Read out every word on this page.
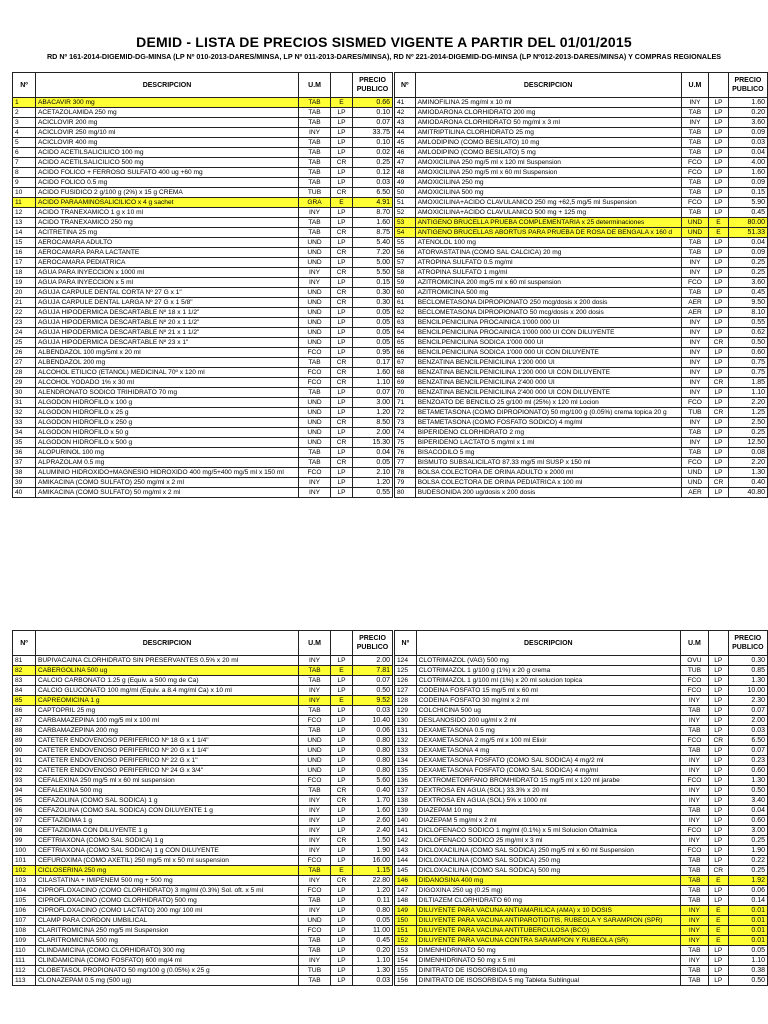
DEMID - LISTA DE PRECIOS SISMED VIGENTE A PARTIR DEL 01/01/2015
RD Nº 161-2014-DIGEMID-DG-MINSA (LP Nº 010-2013-DARES/MINSA, LP Nº 011-2013-DARES/MINSA), RD Nº 221-2014-DIGEMID-DG-MINSA (LP Nº012-2013-DARES/MINSA) Y COMPRAS REGIONALES
Nº	DESCRIPCION	U.M		PRECIO
PUBLICO
1	ABACAVIR 300 mg	TAB	E	0.66
2	ACETAZOLAMIDA 250 mg	TAB	LP	0.10
3	ACICLOVIR 200 mg	TAB	LP	0.07
4	ACICLOVIR 250 mg/10 ml	INY	LP	33.75
5	ACICLOVIR 400 mg	TAB	LP	0.10
6	ACIDO ACETILSALICILICO 100 mg	TAB	LP	0.02
7	ACIDO ACETILSALICILICO 500 mg	TAB	CR	0.25
8	ACIDO FOLICO + FERROSO SULFATO 400 ug +60 mg	TAB	LP	0.12
9	ACIDO FOLICO 0.5 mg	TAB	LP	0.03
10	ACIDO FUSIDICO 2 g/100 g (2%) x 15 g CREMA	TUB	CR	6.50
11	ACIDO PARAAMINOSALICILICO x 4 g sachet	GRA	E	4.91
12	ACIDO TRANEXAMICO 1 g x 10 ml	INY	LP	8.70
13	ACIDO TRANEXAMICO 250 mg	TAB	LP	1.60
14	ACITRETINA 25 mg	TAB	CR	8.75
15	AEROCAMARA ADULTO	UND	LP	5.40
16	AEROCAMARA PARA LACTANTE	UND	CR	7.20
17	AEROCAMARA PEDIATRICA	UND	LP	5.00
18	AGUA PARA INYECCION x 1000 ml	INY	CR	5.50
19	AGUA PARA INYECCION x 5 ml	INY	LP	0.15
20	AGUJA CARPULE DENTAL CORTA Nº 27 G x 1"	UND	CR	0.30
21	AGUJA CARPULE DENTAL LARGA Nº 27 G x 1 5/8"	UND	CR	0.30
22	AGUJA HIPODERMICA DESCARTABLE Nº 18 x 1 1/2"	UND	LP	0.05
23	AGUJA HIPODERMICA DESCARTABLE Nº 20 x 1 1/2"	UND	LP	0.05
24	AGUJA HIPODERMICA DESCARTABLE Nº 21 x 1 1/2"	UND	LP	0.05
25	AGUJA HIPODERMICA DESCARTABLE Nº 23 x 1"	UND	LP	0.05
26	ALBENDAZOL 100 mg/5ml x 20 ml	FCO	LP	0.95
27	ALBENDAZOL 200 mg	TAB	CR	0.17
28	ALCOHOL ETILICO (ETANOL) MEDICINAL 70º x 120 ml	FCO	CR	1.60
29	ALCOHOL YODADO 1% x 30 ml	FCO	CR	1.10
30	ALENDRONATO SODICO TRIHIDRATO 70 mg	TAB	LP	0.07
31	ALGODON HIDROFILO x 100 g	UND	LP	3.00
32	ALGODON HIDROFILO x 25 g	UND	LP	1.20
33	ALGODON HIDROFILO x 250 g	UND	CR	8.50
34	ALGODON HIDROFILO x 50 g	UND	LP	2.00
35	ALGODON HIDROFILO x 500 g	UND	CR	15.30
36	ALOPURINOL 100 mg	TAB	LP	0.04
37	ALPRAZOLAM 0.5 mg	TAB	CR	0.05
38	ALUMINIO HIDROXIDO+MAGNESIO HIDROXIDO 400 mg/5+400 mg/5 ml x 150 ml	FCO	LP	2.10
39	AMIKACINA (COMO SULFATO) 250 mg/ml x 2 ml	INY	LP	1.20
40	AMIKACINA (COMO SULFATO) 50 mg/ml x 2 ml	INY	LP	0.55
Nº	DESCRIPCION	U.M		PRECIO
PUBLICO
41	AMINOFILINA 25 mg/ml x 10 ml	INY	LP	1.60
42	AMIODARONA CLORHIDRATO 200 mg	TAB	LP	0.20
43	AMIODARONA CLORHIDRATO 50 mg/ml x 3 ml	INY	LP	3.60
44	AMITRIPTILINA CLORHIDRATO 25 mg	TAB	LP	0.09
45	AMLODIPINO (COMO BESILATO) 10 mg	TAB	LP	0.03
46	AMLODIPINO (COMO BESILATO) 5 mg	TAB	LP	0.04
47	AMOXICILINA 250 mg/5 ml x 120 ml Suspension	FCO	LP	4.00
48	AMOXICILINA 250 mg/5 ml x 60 ml Suspension	FCO	LP	1.60
49	AMOXICILINA 250 mg	TAB	LP	0.09
50	AMOXICILINA 500 mg	TAB	LP	0.15
51	AMOXICILINA+ACIDO CLAVULANICO 250 mg +62,5 mg/5 ml Suspension	FCO	LP	5.90
52	AMOXICILINA+ACIDO CLAVULANICO 500 mg + 125 mg	TAB	LP	0.45
53	ANTIGENO BRUCELLA PRUEBA COMPLEMENTARIA x 25 determinaciones	UND	E	80.00
54	ANTIGENO BRUCELLAS ABORTUS PARA PRUEBA DE ROSA DE BENGALA x 160 d	UND	E	51.33
55	ATENOLOL 100 mg	TAB	LP	0.04
56	ATORVASTATINA (COMO SAL CALCICA) 20 mg	TAB	LP	0.09
57	ATROPINA SULFATO 0.5 mg/ml	INY	LP	0.25
58	ATROPINA SULFATO 1 mg/ml	INY	LP	0.25
59	AZITROMICINA 200 mg/5 ml x 60 ml suspension	FCO	LP	3.60
60	AZITROMICINA 500 mg	TAB	LP	0.45
61	BECLOMETASONA DIPROPIONATO 250 mcg/dosis x 200 dosis	AER	LP	9.50
62	BECLOMETASONA DIPROPIONATO 50 mcg/dosis x 200 dosis	AER	LP	8.10
63	BENCILPENICILINA PROCAINICA 1'000 000 UI	INY	LP	0.55
64	BENCILPENICILINA PROCAINICA 1'000 000 UI CON DILUYENTE	INY	LP	0.62
65	BENCILPENICILINA SODICA 1'000 000 UI	INY	CR	0.50
66	BENCILPENICILINA SODICA 1'000 000 UI CON DILUYENTE	INY	LP	0.60
67	BENZATINA BENCILPENICILINA 1'200 000 UI	INY	LP	0.75
68	BENZATINA BENCILPENICILINA 1'200 000 UI CON DILUYENTE	INY	LP	0.75
69	BENZATINA BENCILPENICILINA 2'400 000 UI	INY	CR	1.85
70	BENZATINA BENCILPENICILINA 2'400 000 UI CON DILUYENTE	INY	LP	1.10
71	BENZOATO DE BENCILO 25 g/100 ml (25%) x 120 ml Locion	FCO	LP	2.20
72	BETAMETASONA (COMO DIPROPIONATO) 50 mg/100 g (0.05%) crema topica 20 g	TUB	CR	1.25
73	BETAMETASONA (COMO FOSFATO SODICO) 4 mg/ml	INY	LP	2.50
74	BIPERIDENO CLORHIDRATO 2 mg	TAB	LP	0.25
75	BIPERIDENO LACTATO 5 mg/ml x 1 ml	INY	LP	12.50
76	BISACODILO 5 mg	TAB	LP	0.08
77	BISMUTO SUBSALICILATO 87.33 mg/5 ml SUSP x 150 ml	FCO	LP	2.20
78	BOLSA COLECTORA DE ORINA ADULTO x 2000 ml	UND	LP	1.30
79	BOLSA COLECTORA DE ORINA PEDIATRICA x 100 ml	UND	CR	0.40
80	BUDESONIDA 200 ug/dosis x 200 dosis	AER	LP	40.80
Nº	DESCRIPCION	U.M		PRECIO
PUBLICO
81	BUPIVACAINA CLORHIDRATO SIN PRESERVANTES 0.5% x 20 ml	INY	LP	2.00
82	CABERGOLINA 500 ug	TAB	E	7.81
83	CALCIO CARBONATO 1.25 g (Equiv. a 500 mg de Ca)	TAB	LP	0.07
84	CALCIO GLUCONATO 100 mg/ml (Equiv. a 8.4 mg/ml Ca) x 10 ml	INY	LP	0.50
85	CAPREOMICINA 1 g	INY	E	9.52
86	CAPTOPRIL 25 mg	TAB	LP	0.03
87	CARBAMAZEPINA 100 mg/5 ml x 100 ml	FCO	LP	10.40
88	CARBAMAZEPINA 200 mg	TAB	LP	0.06
89	CATETER ENDOVENOSO PERIFERICO Nº 18 G x 1 1/4"	UND	LP	0.80
90	CATETER ENDOVENOSO PERIFERICO Nº 20 G x 1 1/4"	UND	LP	0.80
91	CATETER ENDOVENOSO PERIFERICO Nº 22 G x 1"	UND	LP	0.80
92	CATETER ENDOVENOSO PERIFERICO Nº 24 G x 3/4"	UND	LP	0.80
93	CEFALEXINA 250 mg/5 ml x 60 ml suspension	FCO	LP	5.60
94	CEFALEXINA 500 mg	TAB	CR	0.40
95	CEFAZOLINA (COMO SAL SODICA) 1 g	INY	CR	1.70
96	CEFAZOLINA (COMO SAL SODICA) CON DILUYENTE 1 g	INY	LP	1.60
97	CEFTAZIDIMA 1 g	INY	LP	2.60
98	CEFTAZIDIMA CON DILUYENTE 1 g	INY	LP	2.40
99	CEFTRIAXONA (COMO SAL SODICA) 1 g	INY	CR	1.50
100	CEFTRIAXONA (COMO SAL SODICA) 1 g CON DILUYENTE	INY	LP	1.90
101	CEFUROXIMA (COMO AXETIL) 250 mg/5 ml x 50 ml suspension	FCO	LP	16.00
102	CICLOSERINA 250 mg	TAB	E	1.15
103	CILASTATINA + IMIPENEM 500 mg + 500 mg	INY	CR	22.80
104	CIPROFLOXACINO (COMO CLORHIDRATO) 3 mg/ml (0.3%) Sol. oft. x 5 ml	FCO	LP	1.20
105	CIPROFLOXACINO (COMO CLORHIDRATO) 500 mg	TAB	LP	0.11
106	CIPROFLOXACINO (COMO LACTATO) 200 mg/ 100 ml	INY	LP	0.80
107	CLAMP PARA CORDON UMBILICAL	UND	LP	0.05
108	CLARITROMICINA 250 mg/5 ml Suspension	FCO	LP	11.00
109	CLARITROMICINA 500 mg	TAB	LP	0.45
110	CLINDAMICINA (COMO CLORHIDRATO) 300 mg	TAB	LP	0.20
111	CLINDAMICINA (COMO FOSFATO) 600 mg/4 ml	INY	LP	1.10
112	CLOBETASOL PROPIONATO 50 mg/100 g (0.05%) x 25 g	TUB	LP	1.30
113	CLONAZEPAM 0.5 mg (500 ug)	TAB	LP	0.03
Nº	DESCRIPCION	U.M		PRECIO
PUBLICO
124	CLOTRIMAZOL (VAG) 500 mg	OVU	LP	0.30
125	CLOTRIMAZOL 1 g/100 g (1%) x 20 g crema	TUB	LP	0.85
126	CLOTRIMAZOL 1 g/100 ml (1%) x 20 ml solucion topica	FCO	LP	1.30
127	CODEINA FOSFATO 15 mg/5 ml x 60 ml	FCO	LP	10.00
128	CODEINA FOSFATO 30 mg/ml x 2 ml	INY	LP	2.30
129	COLCHICINA 500 ug	TAB	LP	0.07
130	DESLANOSIDO 200 ug/ml x 2 ml	INY	LP	2.00
131	DEXAMETASONA 0.5 mg	TAB	LP	0.03
132	DEXAMETASONA 2 mg/5 ml x 100 ml Elixir	FCO	CR	6.50
133	DEXAMETASONA 4 mg	TAB	LP	0.07
134	DEXAMETASONA FOSFATO (COMO SAL SODICA) 4 mg/2 ml	INY	LP	0.23
135	DEXAMETASONA FOSFATO (COMO SAL SODICA) 4 mg/ml	INY	LP	0.60
136	DEXTROMETORFANO BROMHIDRATO 15 mg/5 ml x 120 ml jarabe	FCO	LP	1.30
137	DEXTROSA EN AGUA (SOL) 33.3% x 20 ml	INY	LP	0.50
138	DEXTROSA EN AGUA (SOL) 5% x 1000 ml	INY	LP	3.40
139	DIAZEPAM 10 mg	TAB	LP	0.04
140	DIAZEPAM 5 mg/ml x 2 ml	INY	LP	0.60
141	DICLOFENACO SODICO 1 mg/ml (0.1%) x 5 ml Solucion Oftalmica	FCO	LP	3.00
142	DICLOFENACO SODICO 25 mg/ml x 3 ml	INY	LP	0.25
143	DICLOXACILINA (COMO SAL SODICA) 250 mg/5 ml x 60 ml Suspension	FCO	LP	1.90
144	DICLOXACILINA (COMO SAL SODICA) 250 mg	TAB	LP	0.22
145	DICLOXACILINA (COMO SAL SODICA) 500 mg	TAB	CR	0.25
146	DIDANOSINA 400 mg	TAB	E	1.92
147	DIGOXINA 250 ug (0.25 mg)	TAB	LP	0.06
148	DILTIAZEM CLORHIDRATO 60 mg	TAB	LP	0.14
149	DILUYENTE PARA VACUNA ANTIAMARILICA (AMA) x 10 DOSIS	INY	E	0.01
150	DILUYENTE PARA VACUNA ANTIPAROTIDITIS, RUBEOLA Y SARAMPION (SPR)	INY	E	0.01
151	DILUYENTE PARA VACUNA ANTITUBERCULOSA (BCG)	INY	E	0.01
152	DILUYENTE PARA VACUNA CONTRA SARAMPION Y RUBEOLA (SR)	INY	E	0.01
153	DIMENHIDRINATO 50 mg	TAB	LP	0.05
154	DIMENHIDRINATO 50 mg x 5 ml	INY	LP	1.10
155	DINITRATO DE ISOSORBIDA 10 mg	TAB	LP	0.38
156	DINITRATO DE ISOSORBIDA 5 mg Tableta Sublingual	TAB	LP	0.50
